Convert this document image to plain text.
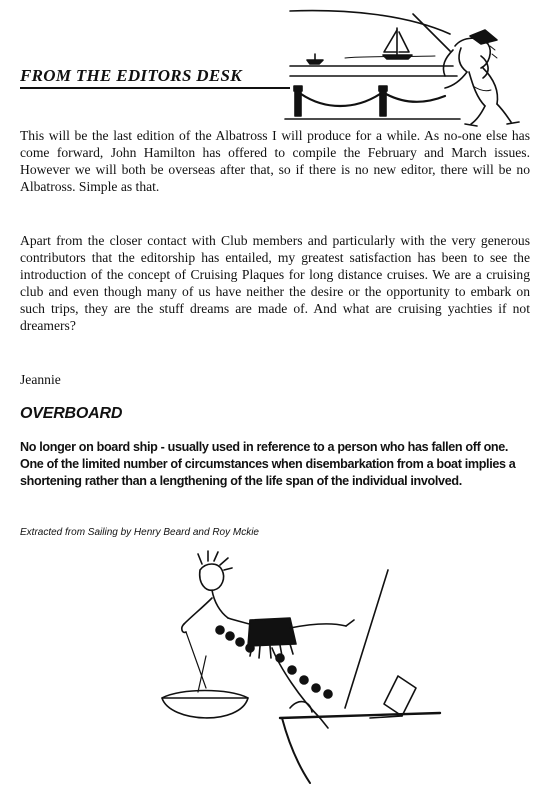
FROM THE EDITORS DESK

This will be the last edition of the Albatross I will produce for a while. As no-one else has come forward, John Hamilton has offered to compile the February and March issues. However we will both be overseas after that, so if there is no new editor, there will be no Albatross. Simple as that.

Apart from the closer contact with Club members and particularly with the very generous contributors that the editorship has entailed, my greatest satisfaction has been to see the introduction of the concept of Cruising Plaques for long distance cruises. We are a cruising club and even though many of us have neither the desire or the opportunity to embark on such trips, they are the stuff dreams are made of. And what are cruising yachties if not dreamers?

Jeannie
OVERBOARD

No longer on board ship - usually used in reference to a person who has fallen off one. One of the limited number of circumstances when disembarkation from a boat implies a shortening rather than a lengthening of the life span of the individual involved.

Extracted from Sailing by Henry Beard and Roy Mckie
